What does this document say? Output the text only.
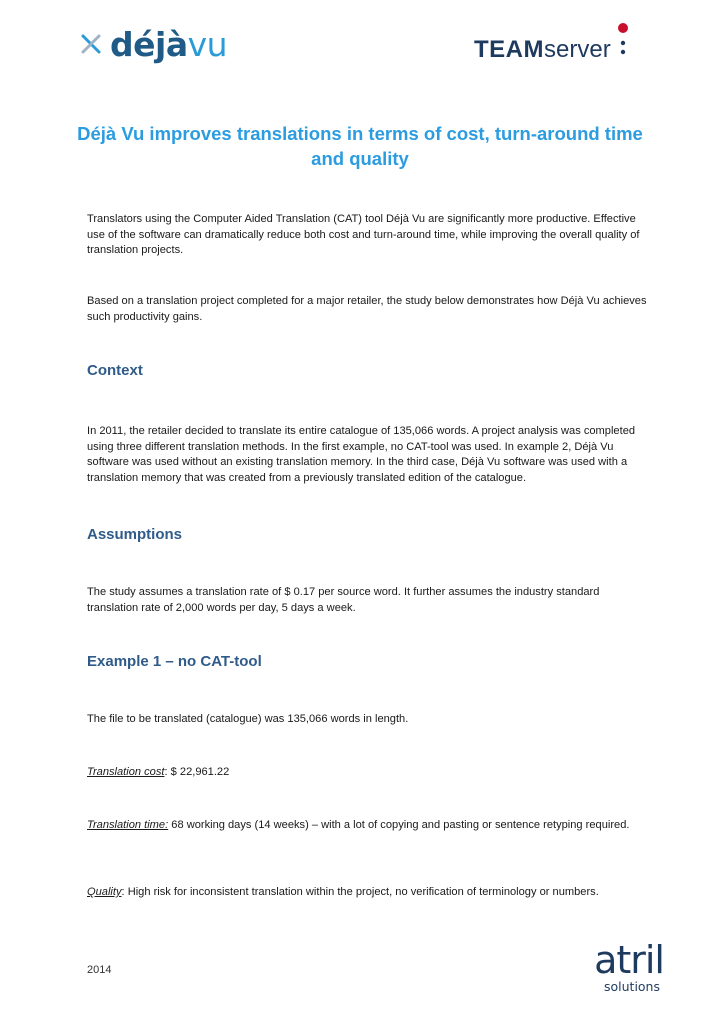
déjàvu	TEAM server
Déjà Vu improves translations in terms of cost, turn-around time and quality

Translators using the Computer Aided Translation (CAT) tool Déjà Vu are significantly more productive. Effective use of the software can dramatically reduce both cost and turn-around time, while improving the overall quality of translation projects.

Based on a translation project completed for a major retailer, the study below demonstrates how Déjà Vu achieves such productivity gains.

Context

In 2011, the retailer decided to translate its entire catalogue of 135,066 words. A project analysis was completed using three different translation methods. In the first example, no CAT-tool was used. In example 2, Déjà Vu software was used without an existing translation memory. In the third case, Déjà Vu software was used with a translation memory that was created from a previously translated edition of the catalogue.

Assumptions

The study assumes a translation rate of $ 0.17 per source word. It further assumes the industry standard translation rate of 2,000 words per day, 5 days a week.

Example 1 – no CAT-tool

The file to be translated (catalogue) was 135,066 words in length.

Translation cost: $ 22,961.22

Translation time: 68 working days (14 weeks) – with a lot of copying and pasting or sentence retyping required.

Quality: High risk for inconsistent translation within the project, no verification of terminology or numbers.

2014	atril
solutions
